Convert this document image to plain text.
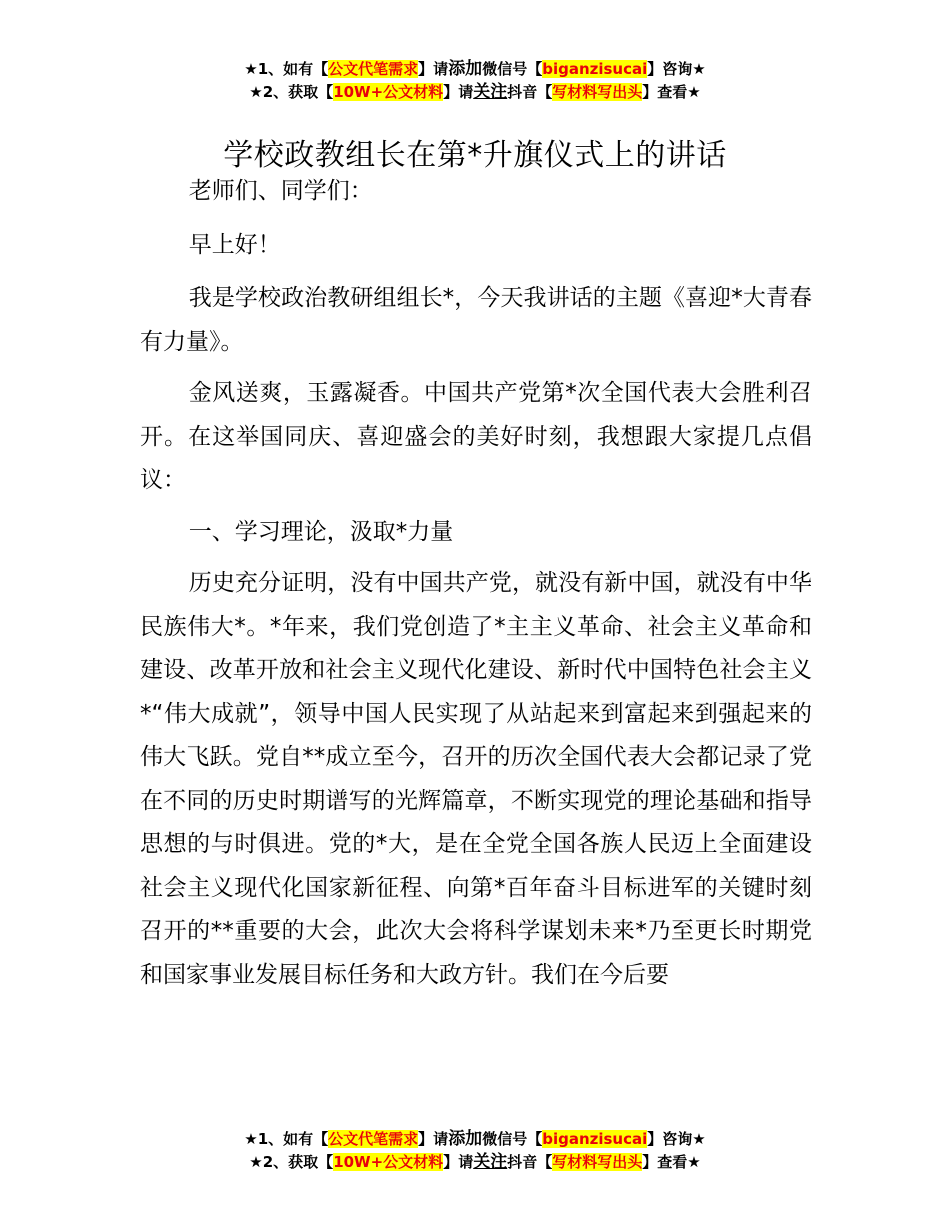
★1、如有【公文代笔需求】请添加微信号【biganzisucai】咨询★
★2、获取【10W+公文材料】请关注抖音【写材料写出头】查看★
学校政教组长在第*升旗仪式上的讲话

老师们、同学们：

早上好！

我是学校政治教研组组长*，今天我讲话的主题《喜迎*大青春有力量》。

金风送爽，玉露凝香。中国共产党第*次全国代表大会胜利召开。在这举国同庆、喜迎盛会的美好时刻，我想跟大家提几点倡议：

一、学习理论，汲取*力量

历史充分证明，没有中国共产党，就没有新中国，就没有中华民族伟大*。*年来，我们党创造了*主主义革命、社会主义革命和建设、改革开放和社会主义现代化建设、新时代中国特色社会主义*“伟大成就”，领导中国人民实现了从站起来到富起来到强起来的伟大飞跃。党自**成立至今，召开的历次全国代表大会都记录了党在不同的历史时期谱写的光辉篇章，不断实现党的理论基础和指导思想的与时俱进。党的*大，是在全党全国各族人民迈上全面建设社会主义现代化国家新征程、向第*百年奋斗目标进军的关键时刻召开的**重要的大会，此次大会将科学谋划未来*乃至更长时期党和国家事业发展目标任务和大政方针。我们在今后要

★1、如有【公文代笔需求】请添加微信号【biganzisucai】咨询★
★2、获取【10W+公文材料】请关注抖音【写材料写出头】查看★
